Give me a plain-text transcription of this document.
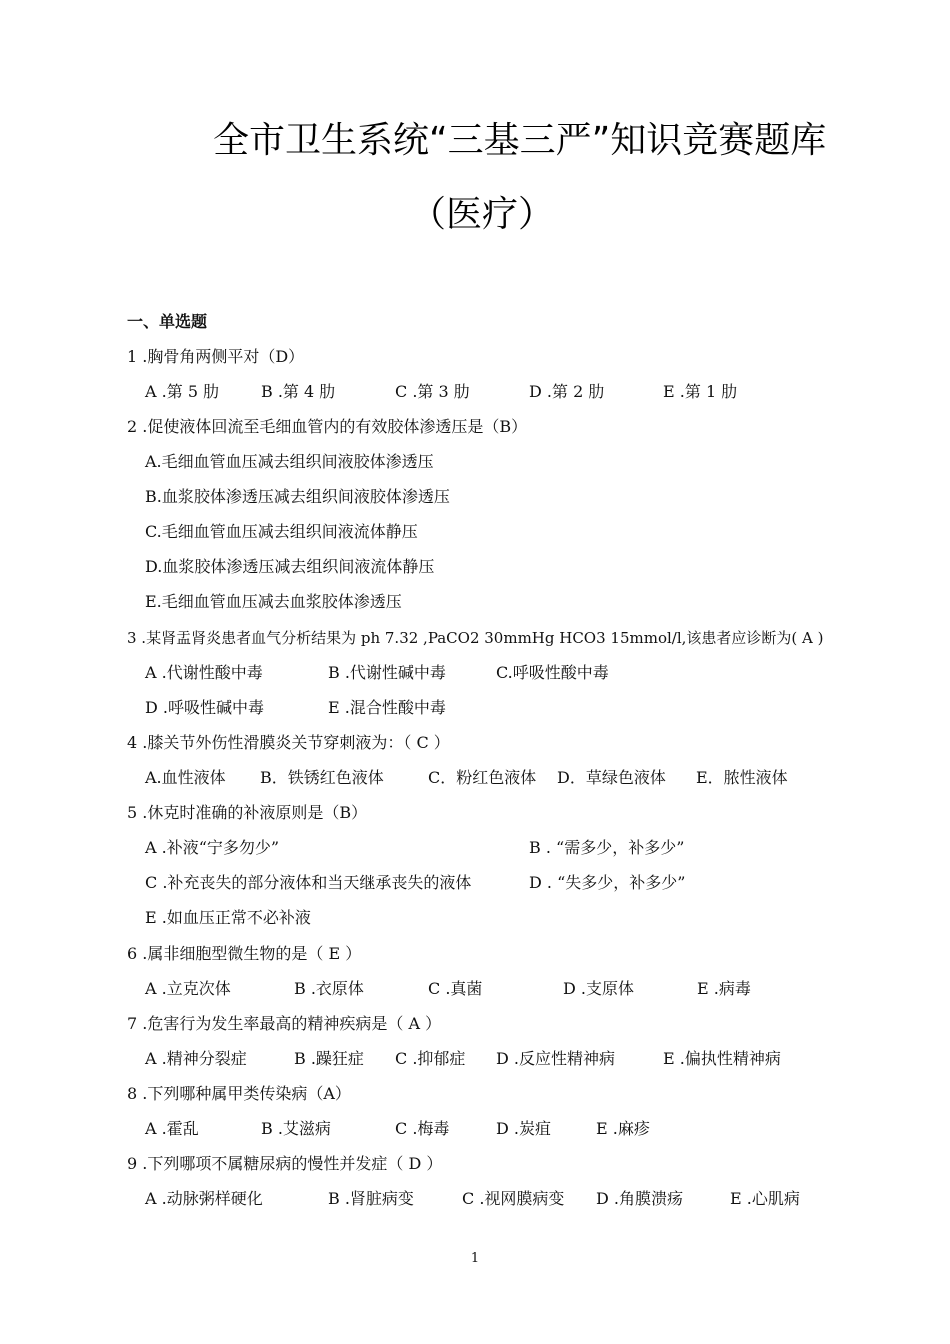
全市卫生系统“三基三严”知识竞赛题库
（医疗）
一、单选题
1 .胸骨角两侧平对（D）
A .第 5 肋	B .第 4 肋	C .第 3 肋	D .第 2 肋	E .第 1 肋
2 .促使液体回流至毛细血管内的有效胶体渗透压是（B）
A.毛细血管血压减去组织间液胶体渗透压
B.血浆胶体渗透压减去组织间液胶体渗透压
C.毛细血管血压减去组织间液流体静压
D.血浆胶体渗透压减去组织间液流体静压
E.毛细血管血压减去血浆胶体渗透压
3 .某肾盂肾炎患者血气分析结果为 ph 7.32 ,PaCO2 30mmHg HCO3 15mmol/l,该患者应诊断为( A )
A .代谢性酸中毒	B .代谢性碱中毒	C.呼吸性酸中毒
D .呼吸性碱中毒	E .混合性酸中毒
4 .膝关节外伤性滑膜炎关节穿刺液为：（ C ）
A.血性液体 B．铁锈红色液体	C．粉红色液体 D．草绿色液体 E．脓性液体
5 .休克时准确的补液原则是（B）
A .补液“宁多勿少”	B . “需多少，补多少”
C .补充丧失的部分液体和当天继承丧失的液体	D . “失多少，补多少”
E .如血压正常不必补液
6 .属非细胞型微生物的是（ E ）
A .立克次体	B .衣原体	C .真菌	D .支原体	E .病毒
7 .危害行为发生率最高的精神疾病是（ A ）
A .精神分裂症	B .躁狂症 C .抑郁症 D .反应性精神病	E .偏执性精神病
8 .下列哪种属甲类传染病（A）
A .霍乱	B .艾滋病	C .梅毒	D .炭疽	E .麻疹
9 .下列哪项不属糖尿病的慢性并发症（ D ）
A .动脉粥样硬化	B .肾脏病变	C .视网膜病变 D .角膜溃疡	E .心肌病
1
